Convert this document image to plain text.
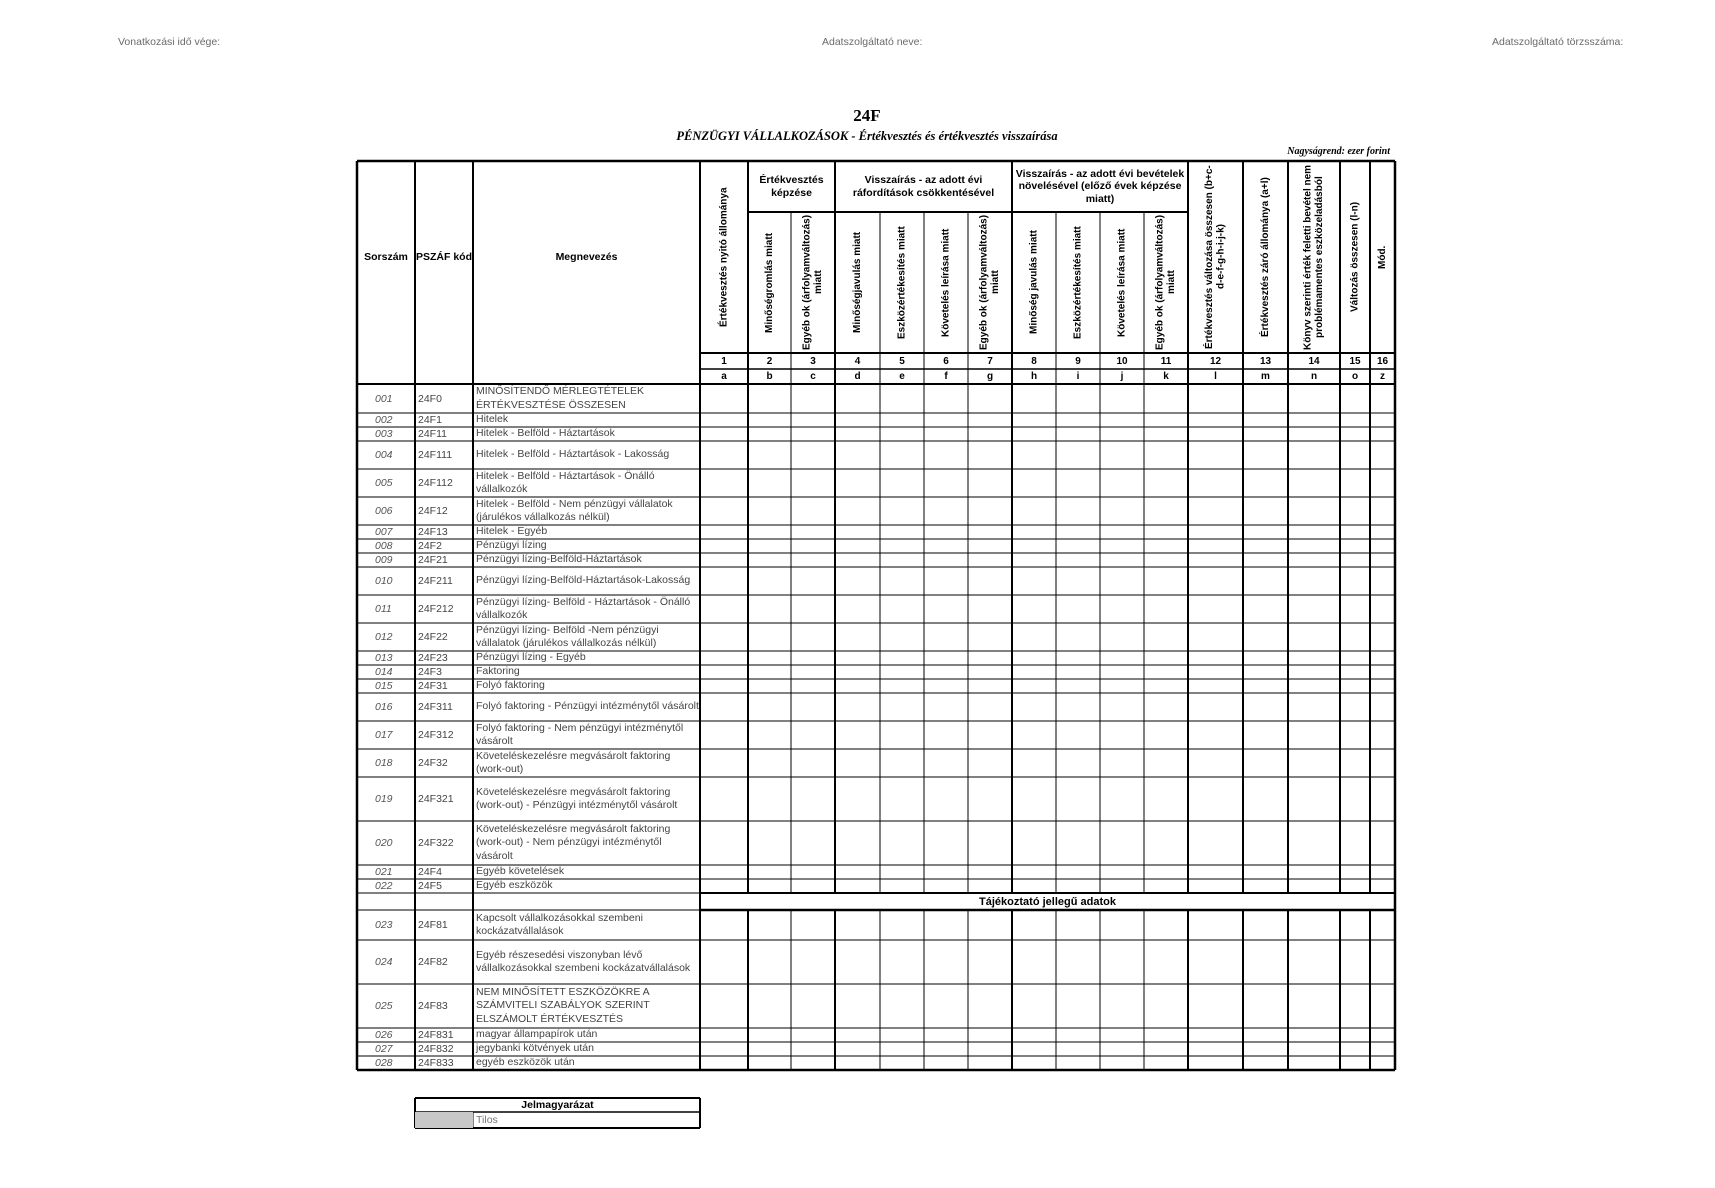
Vonatkozási idő vége:	Adatszolgáltató neve:	Adatszolgáltató törzsszáma:
24F
PÉNZÜGYI VÁLLALKOZÁSOK - Értékvesztés és értékvesztés visszaírása
Nagyságrend: ezer forint
Sorszám PSZÁF kód	Megnevezés
Értékvesztés képzése
Visszaírás - az adott évi ráfordítások csökkentésével
Visszaírás - az adott évi bevételek növelésével (előző évek képzése miatt)
Értékvesztés nyitó állománya
1
a
Minőségromlás miatt
2
b
Egyéb ok (árfolyamváltozás) miatt
3
c
Minőségjavulás miatt
4
d
Eszközértékesítés miatt
5
e
Követelés leírása miatt
6
f
Egyéb ok (árfolyamváltozás) miatt
7
g
Minőség javulás miatt
8
h
Eszközértékesítés miatt
9
i
Követelés leírása miatt
10
j
Egyéb ok (árfolyamváltozás) miatt
11
k
Értékvesztés változása összesen (b+c-d-e-f-g-h-i-j-k)
12
l
Értékvesztés záró állománya (a+l)
13
m
Könyv szerinti érték feletti bevétel nem problémamentes eszközeladásból
14
n
Változás összesen (l-n)
15
o
Mód.
16
z
001	24F0
MINŐSÍTENDŐ MÉRLEGTÉTELEK ÉRTÉKVESZTÉSE ÖSSZESEN
002	24F1	Hitelek
003	24F11	Hitelek - Belföld - Háztartások
004	24F111	Hitelek - Belföld - Háztartások - Lakosság
005	24F112
Hitelek - Belföld - Háztartások - Önálló vállalkozók
006	24F12
Hitelek - Belföld - Nem pénzügyi vállalatok (járulékos vállalkozás nélkül)
007	24F13	Hitelek - Egyéb
008	24F2	Pénzügyi lízing
009	24F21	Pénzügyi lízing-Belföld-Háztartások
010	24F211	Pénzügyi lízing-Belföld-Háztartások-Lakosság
011	24F212
Pénzügyi lízing- Belföld - Háztartások - Önálló vállalkozók
012	24F22
Pénzügyi lízing- Belföld -Nem pénzügyi vállalatok (járulékos vállalkozás nélkül)
013	24F23	Pénzügyi lízing - Egyéb
014	24F3	Faktoring
015	24F31	Folyó faktoring
016	24F311	Folyó faktoring - Pénzügyi intézménytől vásárolt
017	24F312
Folyó faktoring - Nem pénzügyi intézménytől vásárolt
018	24F32
Követeléskezelésre megvásárolt faktoring (work-out)
019	24F321
Követeléskezelésre megvásárolt faktoring (work-out) - Pénzügyi intézménytől vásárolt
020	24F322
Követeléskezelésre megvásárolt faktoring (work-out) - Nem pénzügyi intézménytől vásárolt
021	24F4	Egyéb követelések
022	24F5	Egyéb eszközök
Tájékoztató jellegű adatok
023	24F81
Kapcsolt vállalkozásokkal szembeni kockázatvállalások
024	24F82
Egyéb részesedési viszonyban lévő vállalkozásokkal szembeni kockázatvállalások
025	24F83
NEM MINŐSÍTETT ESZKÖZÖKRE A SZÁMVITELI SZABÁLYOK SZERINT ELSZÁMOLT ÉRTÉKVESZTÉS
026	24F831	magyar állampapírok után
027	24F832	jegybanki kötvények után
028	24F833	egyéb eszközök után
Jelmagyarázat
Tilos
